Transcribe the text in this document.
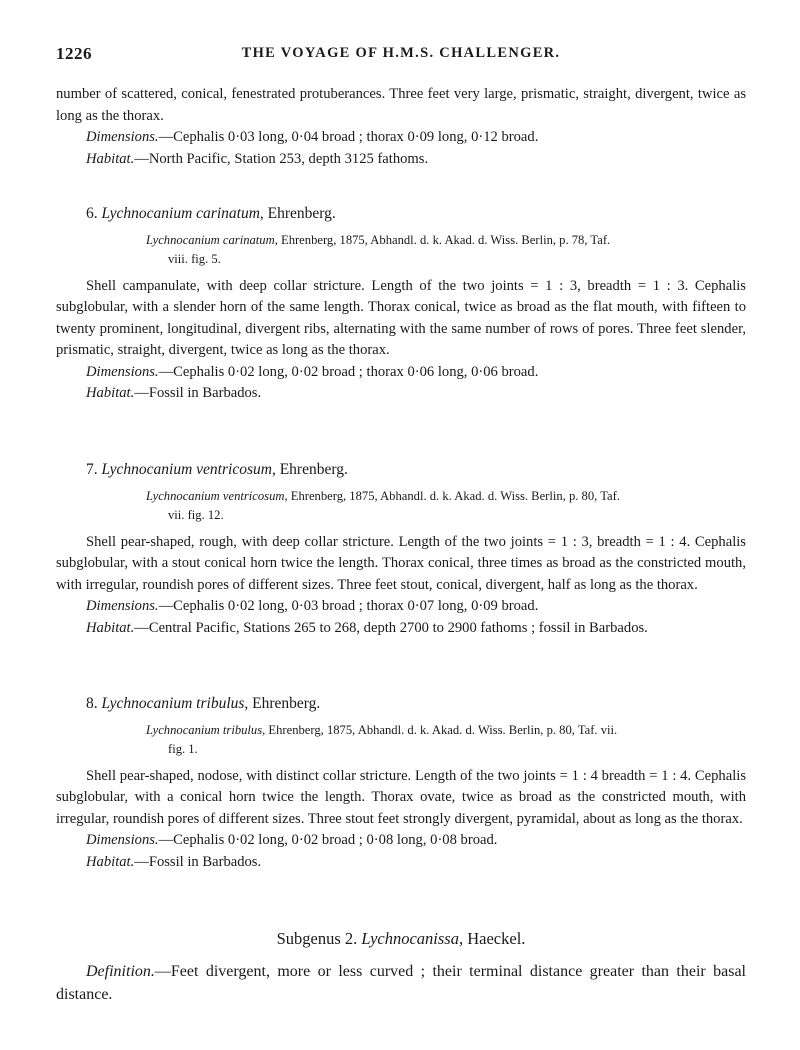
1226	THE VOYAGE OF H.M.S. CHALLENGER.

number of scattered, conical, fenestrated protuberances. Three feet very large, prismatic, straight, divergent, twice as long as the thorax.

Dimensions.—Cephalis 0·03 long, 0·04 broad ; thorax 0·09 long, 0·12 broad.

Habitat.—North Pacific, Station 253, depth 3125 fathoms.

6. Lychnocanium carinatum, Ehrenberg.

Lychnocanium carinatum, Ehrenberg, 1875, Abhandl. d. k. Akad. d. Wiss. Berlin, p. 78, Taf.
viii. fig. 5.

Shell campanulate, with deep collar stricture. Length of the two joints = 1 : 3, breadth = 1 : 3. Cephalis subglobular, with a slender horn of the same length. Thorax conical, twice as broad as the flat mouth, with fifteen to twenty prominent, longitudinal, divergent ribs, alternating with the same number of rows of pores. Three feet slender, prismatic, straight, divergent, twice as long as the thorax.

Dimensions.—Cephalis 0·02 long, 0·02 broad ; thorax 0·06 long, 0·06 broad.

Habitat.—Fossil in Barbados.

7. Lychnocanium ventricosum, Ehrenberg.

Lychnocanium ventricosum, Ehrenberg, 1875, Abhandl. d. k. Akad. d. Wiss. Berlin, p. 80, Taf.
vii. fig. 12.

Shell pear-shaped, rough, with deep collar stricture. Length of the two joints = 1 : 3, breadth = 1 : 4. Cephalis subglobular, with a stout conical horn twice the length. Thorax conical, three times as broad as the constricted mouth, with irregular, roundish pores of different sizes. Three feet stout, conical, divergent, half as long as the thorax.

Dimensions.—Cephalis 0·02 long, 0·03 broad ; thorax 0·07 long, 0·09 broad.

Habitat.—Central Pacific, Stations 265 to 268, depth 2700 to 2900 fathoms ; fossil in Barbados.

8. Lychnocanium tribulus, Ehrenberg.

Lychnocanium tribulus, Ehrenberg, 1875, Abhandl. d. k. Akad. d. Wiss. Berlin, p. 80, Taf. vii.
fig. 1.

Shell pear-shaped, nodose, with distinct collar stricture. Length of the two joints = 1 : 4 breadth = 1 : 4. Cephalis subglobular, with a conical horn twice the length. Thorax ovate, twice as broad as the constricted mouth, with irregular, roundish pores of different sizes. Three stout feet strongly divergent, pyramidal, about as long as the thorax.

Dimensions.—Cephalis 0·02 long, 0·02 broad ; 0·08 long, 0·08 broad.

Habitat.—Fossil in Barbados.

Subgenus 2. Lychnocanissa, Haeckel.

Definition.—Feet divergent, more or less curved ; their terminal distance greater than their basal distance.
